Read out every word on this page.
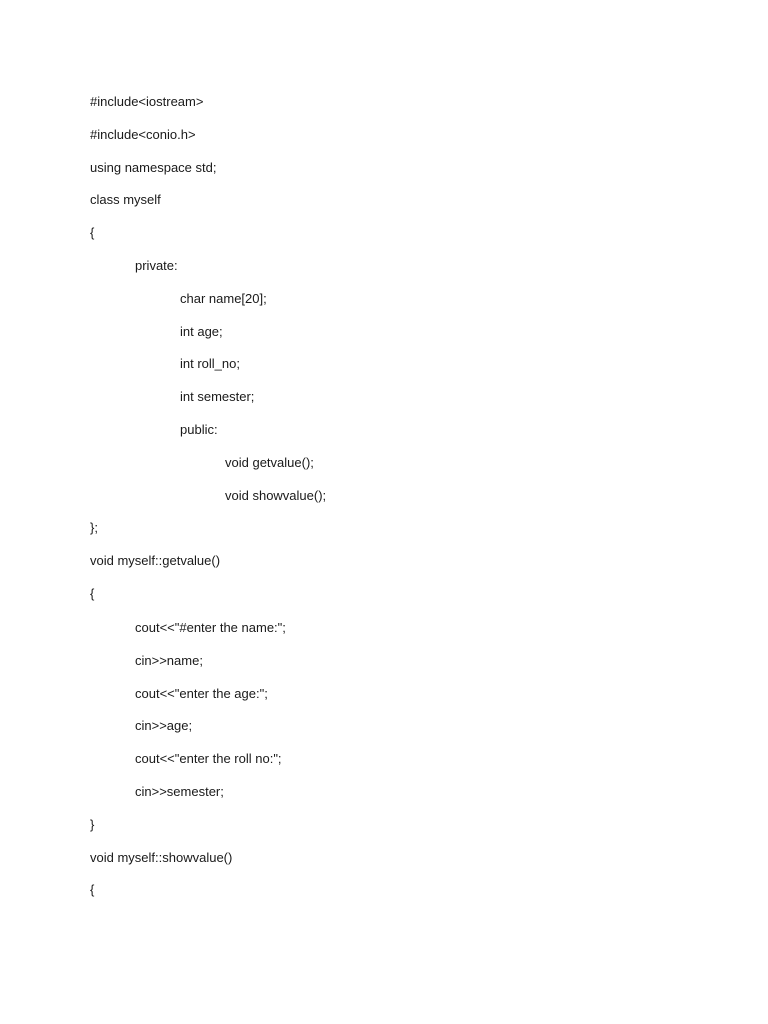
#include<iostream>
#include<conio.h>
using namespace std;
class myself
{
private:
char name[20];
int age;
int roll_no;
int semester;
public:
void getvalue();
void showvalue();
};
void myself::getvalue()
{
cout<<"#enter the name:";
cin>>name;
cout<<"enter the age:";
cin>>age;
cout<<"enter the roll no:";
cin>>semester;
}
void myself::showvalue()
{
